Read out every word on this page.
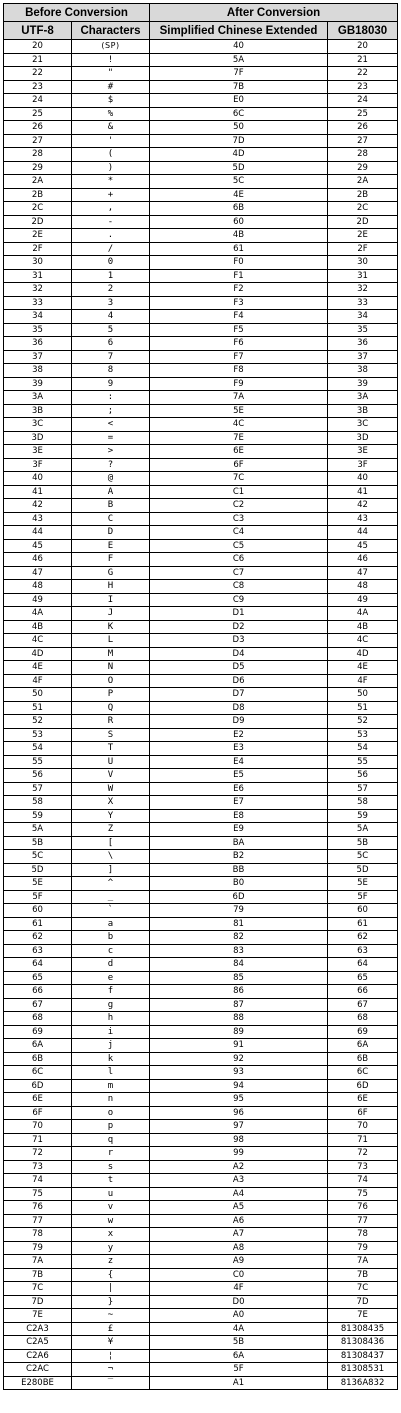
Before Conversion		After Conversion	
UTF-8	Characters	Simplified Chinese Extended	GB18030
20	(SP)	40	20
21	!	5A	21
22	"	7F	22
23	#	7B	23
24	$	E0	24
25	%	6C	25
26	&	50	26
27	'	7D	27
28	(	4D	28
29	)	5D	29
2A	*	5C	2A
2B	+	4E	2B
2C	,	6B	2C
2D	-	60	2D
2E	.	4B	2E
2F	/	61	2F
30	0	F0	30
31	1	F1	31
32	2	F2	32
33	3	F3	33
34	4	F4	34
35	5	F5	35
36	6	F6	36
37	7	F7	37
38	8	F8	38
39	9	F9	39
3A	:	7A	3A
3B	;	5E	3B
3C	<	4C	3C
3D	=	7E	3D
3E	>	6E	3E
3F	?	6F	3F
40	@	7C	40
41	A	C1	41
42	B	C2	42
43	C	C3	43
44	D	C4	44
45	E	C5	45
46	F	C6	46
47	G	C7	47
48	H	C8	48
49	I	C9	49
4A	J	D1	4A
4B	K	D2	4B
4C	L	D3	4C
4D	M	D4	4D
4E	N	D5	4E
4F	O	D6	4F
50	P	D7	50
51	Q	D8	51
52	R	D9	52
53	S	E2	53
54	T	E3	54
55	U	E4	55
56	V	E5	56
57	W	E6	57
58	X	E7	58
59	Y	E8	59
5A	Z	E9	5A
5B	[	BA	5B
5C	\	B2	5C
5D	]	BB	5D
5E	^	B0	5E
5F	_	6D	5F
60	`	79	60
61	a	81	61
62	b	82	62
63	c	83	63
64	d	84	64
65	e	85	65
66	f	86	66
67	g	87	67
68	h	88	68
69	i	89	69
6A	j	91	6A
6B	k	92	6B
6C	l	93	6C
6D	m	94	6D
6E	n	95	6E
6F	o	96	6F
70	p	97	70
71	q	98	71
72	r	99	72
73	s	A2	73
74	t	A3	74
75	u	A4	75
76	v	A5	76
77	w	A6	77
78	x	A7	78
79	y	A8	79
7A	z	A9	7A
7B	{	C0	7B
7C	|	4F	7C
7D	}	D0	7D
7E	~	A0	7E
C2A3	£	4A	81308435
C2A5	¥	5B	81308436
C2A6	¦	6A	81308437
C2AC	¬	5F	81308531
E280BE	‾	A1	8136A832
